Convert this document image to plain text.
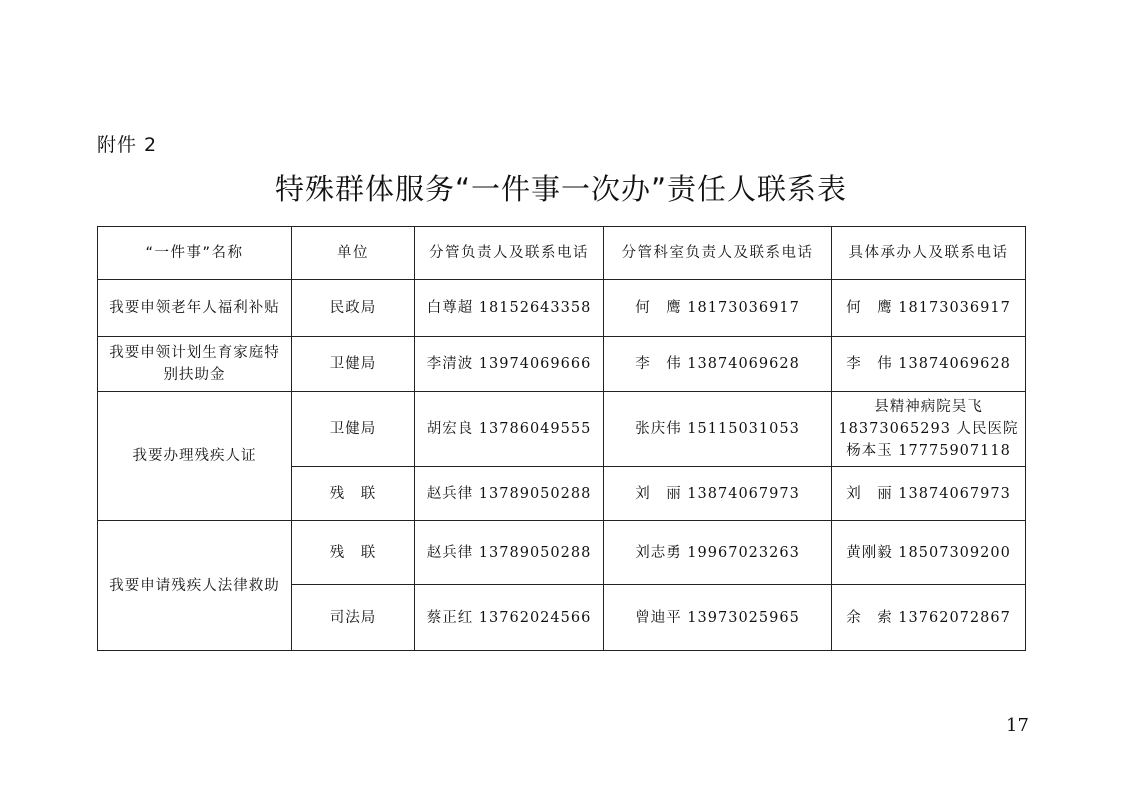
附件 2
特殊群体服务“一件事一次办”责任人联系表
“一件事”名称	单位	分管负责人及联系电话	分管科室负责人及联系电话	具体承办人及联系电话
我要申领老年人福利补贴	民政局	白尊超 18152643358	何　鹰 18173036917	何　鹰 18173036917
我要申领计划生育家庭特别扶助金	卫健局	李清波 13974069666	李　伟 13874069628	李　伟 13874069628
我要办理残疾人证	卫健局	胡宏良 13786049555	张庆伟 15115031053	县精神病院吴飞 18373065293 人民医院杨本玉 17775907118
	残　联	赵兵律 13789050288	刘　丽 13874067973	刘　丽 13874067973
我要申请残疾人法律救助	残　联	赵兵律 13789050288	刘志勇 19967023263	黄刚毅 18507309200
	司法局	蔡正红 13762024566	曾迪平 13973025965	余　索 13762072867
17
